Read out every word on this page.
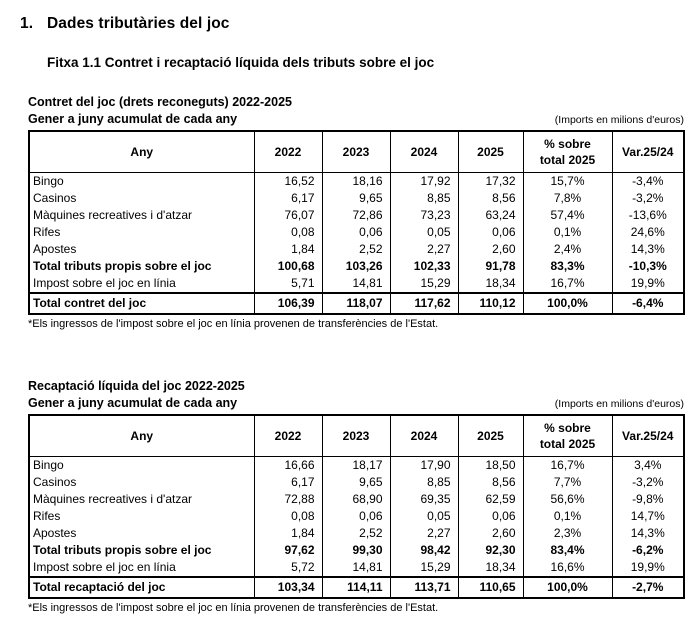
1. Dades tributàries del joc
Fitxa 1.1 Contret i recaptació líquida dels tributs sobre el joc
Contret del joc (drets reconeguts) 2022-2025
Gener a juny acumulat de cada any	(Imports en milions d'euros)
Any	2022	2023	2024	2025	% sobre
total 2025	Var.25/24
Bingo	16,52	18,16	17,92	17,32	15,7%	-3,4%
Casinos	6,17	9,65	8,85	8,56	7,8%	-3,2%
Màquines recreatives i d'atzar	76,07	72,86	73,23	63,24	57,4%	-13,6%
Rifes	0,08	0,06	0,05	0,06	0,1%	24,6%
Apostes	1,84	2,52	2,27	2,60	2,4%	14,3%
Total tributs propis sobre el joc	100,68	103,26	102,33	91,78	83,3%	-10,3%
Impost sobre el joc en línia	5,71	14,81	15,29	18,34	16,7%	19,9%
Total contret del joc	106,39	118,07	117,62	110,12	100,0%	-6,4%
*Els ingressos de l'impost sobre el joc en línia provenen de transferències de l'Estat.
Recaptació líquida del joc 2022-2025
Gener a juny acumulat de cada any	(Imports en milions d'euros)
Any	2022	2023	2024	2025	% sobre
total 2025	Var.25/24
Bingo	16,66	18,17	17,90	18,50	16,7%	3,4%
Casinos	6,17	9,65	8,85	8,56	7,7%	-3,2%
Màquines recreatives i d'atzar	72,88	68,90	69,35	62,59	56,6%	-9,8%
Rifes	0,08	0,06	0,05	0,06	0,1%	14,7%
Apostes	1,84	2,52	2,27	2,60	2,3%	14,3%
Total tributs propis sobre el joc	97,62	99,30	98,42	92,30	83,4%	-6,2%
Impost sobre el joc en línia	5,72	14,81	15,29	18,34	16,6%	19,9%
Total recaptació del joc	103,34	114,11	113,71	110,65	100,0%	-2,7%
*Els ingressos de l'impost sobre el joc en línia provenen de transferències de l'Estat.
